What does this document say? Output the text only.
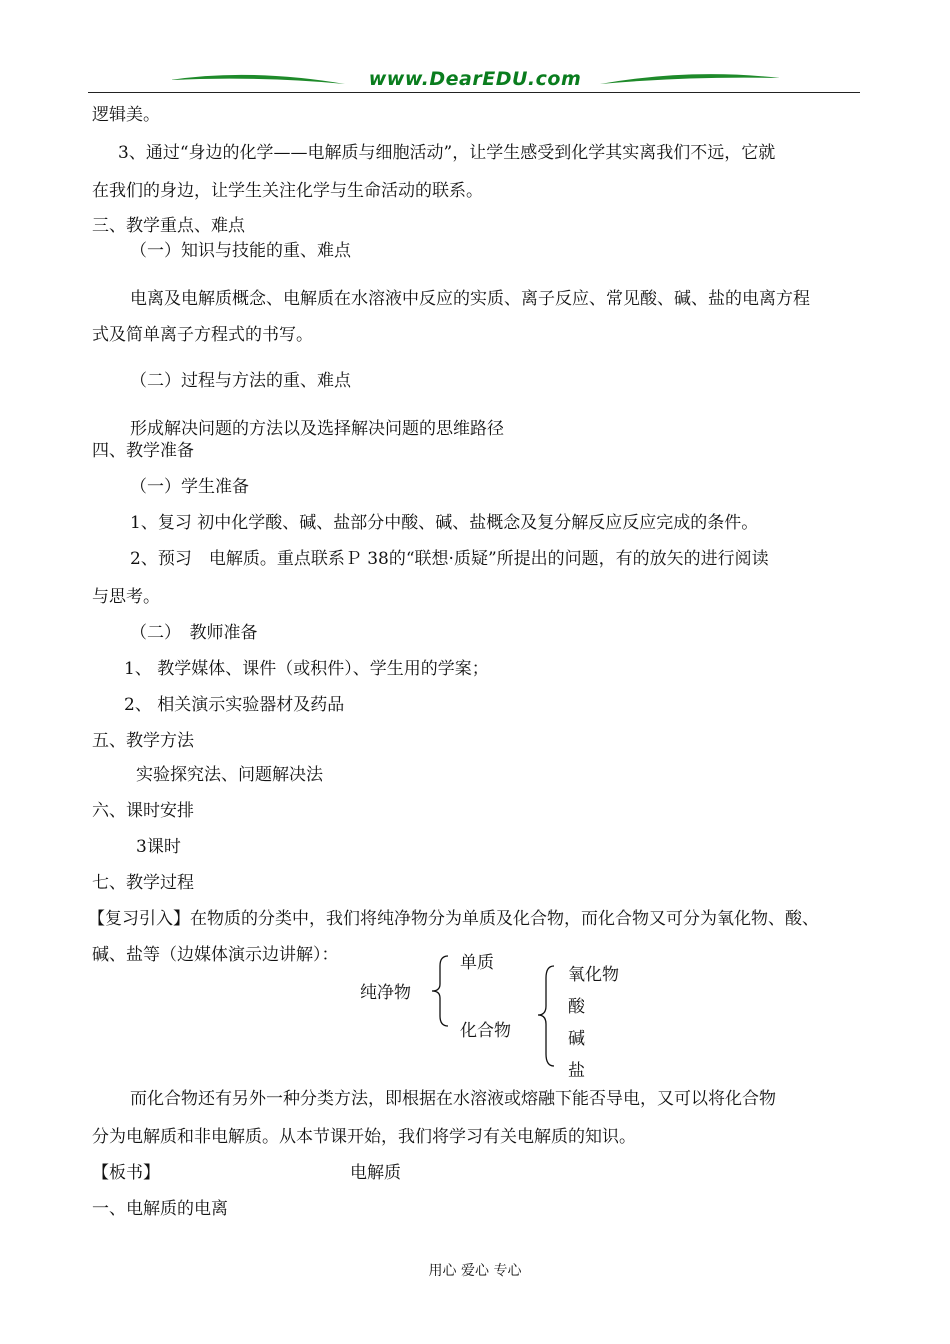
www.DearEDU.com
逻辑美。
3、通过“身边的化学——电解质与细胞活动”，让学生感受到化学其实离我们不远，它就
在我们的身边，让学生关注化学与生命活动的联系。
三、教学重点、难点
（一）知识与技能的重、难点
电离及电解质概念、电解质在水溶液中反应的实质、离子反应、常见酸、碱、盐的电离方程
式及简单离子方程式的书写。
（二）过程与方法的重、难点
形成解决问题的方法以及选择解决问题的思维路径
四、教学准备
（一）学生准备
1、复习 初中化学酸、碱、盐部分中酸、碱、盐概念及复分解反应反应完成的条件。
2、预习　电解质。重点联系Ｐ 38的“联想·质疑”所提出的问题，有的放矢的进行阅读
与思考。
（二）　教师准备
1、 教学媒体、课件（或积件）、学生用的学案；
2、 相关演示实验器材及药品
五、教学方法
实验探究法、问题解决法
六、课时安排
3课时
七、教学过程
【复习引入】在物质的分类中，我们将纯净物分为单质及化合物，而化合物又可分为氧化物、酸、
碱、盐等（边媒体演示边讲解）：
纯净物
单质
化合物
氧化物
酸
碱
盐
而化合物还有另外一种分类方法，即根据在水溶液或熔融下能否导电，又可以将化合物
分为电解质和非电解质。从本节课开始，我们将学习有关电解质的知识。
【板书】	电解质
一、电解质的电离
用心 爱心 专心
